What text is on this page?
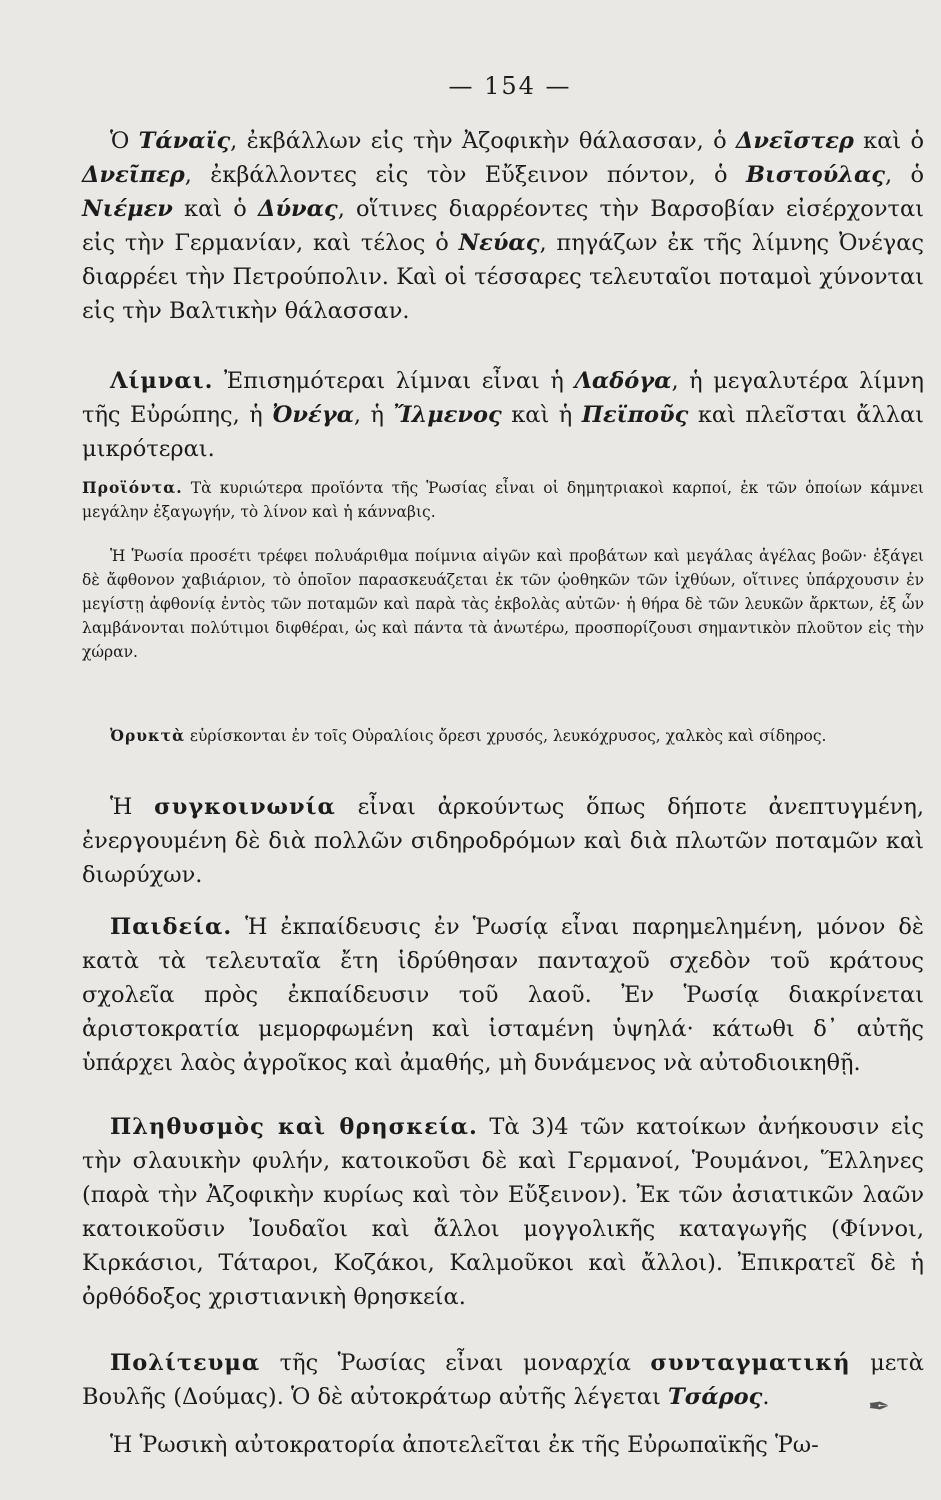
— 154 —

Ὁ Τάναϊς, ἐκβάλλων εἰς τὴν Ἀζοφικὴν θάλασσαν, ὁ Δνεῖστερ καὶ ὁ Δνεῖπερ, ἐκβάλλοντες εἰς τὸν Εὔξεινον πόντον, ὁ Βιστούλας, ὁ Νιέμεν καὶ ὁ Δύνας, οἵτινες διαρρέοντες τὴν Βαρσοβίαν εἰσέρχονται εἰς τὴν Γερμανίαν, καὶ τέλος ὁ Νεύας, πηγάζων ἐκ τῆς λίμνης Ὀνέγας διαρρέει τὴν Πετρούπολιν. Καὶ οἱ τέσσαρες τελευταῖοι ποταμοὶ χύνονται εἰς τὴν Βαλτικὴν θάλασσαν.

Λίμναι. Ἐπισημότεραι λίμναι εἶναι ἡ Λαδόγα, ἡ μεγαλυτέρα λίμνη τῆς Εὐρώπης, ἡ Ὀνέγα, ἡ Ἴλμενος καὶ ἡ Πεϊποῦς καὶ πλεῖσται ἄλλαι μικρότεραι.

Προϊόντα. Τὰ κυριώτερα προϊόντα τῆς Ῥωσίας εἶναι οἱ δημητριακοὶ καρποί, ἐκ τῶν ὁποίων κάμνει μεγάλην ἐξαγωγήν, τὸ λίνον καὶ ἡ κάνναβις.

Ἡ Ῥωσία προσέτι τρέφει πολυάριθμα ποίμνια αἰγῶν καὶ προβάτων καὶ μεγάλας ἀγέλας βοῶν· ἐξάγει δὲ ἄφθονον χαβιάριον, τὸ ὁποῖον παρασκευάζεται ἐκ τῶν ᾠοθηκῶν τῶν ἰχθύων, οἵτινες ὑπάρχουσιν ἐν μεγίστῃ ἀφθονίᾳ ἐντὸς τῶν ποταμῶν καὶ παρὰ τὰς ἐκβολὰς αὐτῶν· ἡ θήρα δὲ τῶν λευκῶν ἄρκτων, ἐξ ὧν λαμβάνονται πολύτιμοι διφθέραι, ὡς καὶ πάντα τὰ ἀνωτέρω, προσπορίζουσι σημαντικὸν πλοῦτον εἰς τὴν χώραν.

Ὀρυκτὰ εὑρίσκονται ἐν τοῖς Οὐραλίοις ὄρεσι χρυσός, λευκόχρυσος, χαλκὸς καὶ σίδηρος.

Ἡ συγκοινωνία εἶναι ἀρκούντως ὅπως δήποτε ἀνεπτυγμένη, ἐνεργουμένη δὲ διὰ πολλῶν σιδηροδρόμων καὶ διὰ πλωτῶν ποταμῶν καὶ διωρύχων.

Παιδεία. Ἡ ἐκπαίδευσις ἐν Ῥωσίᾳ εἶναι παρημελημένη, μόνον δὲ κατὰ τὰ τελευταῖα ἔτη ἱδρύθησαν πανταχοῦ σχεδὸν τοῦ κράτους σχολεῖα πρὸς ἐκπαίδευσιν τοῦ λαοῦ. Ἐν Ῥωσίᾳ διακρίνεται ἀριστοκρατία μεμορφωμένη καὶ ἱσταμένη ὑψηλά· κάτωθι δ᾽ αὐτῆς ὑπάρχει λαὸς ἀγροῖκος καὶ ἀμαθής, μὴ δυνάμενος νὰ αὐτοδιοικηθῇ.

Πληθυσμὸς καὶ θρησκεία. Τὰ 3)4 τῶν κατοίκων ἀνήκουσιν εἰς τὴν σλαυικὴν φυλήν, κατοικοῦσι δὲ καὶ Γερμανοί, Ῥουμάνοι, Ἕλληνες (παρὰ τὴν Ἀζοφικὴν κυρίως καὶ τὸν Εὔξεινον). Ἐκ τῶν ἀσιατικῶν λαῶν κατοικοῦσιν Ἰουδαῖοι καὶ ἄλλοι μογγολικῆς καταγωγῆς (Φίννοι, Κιρκάσιοι, Τάταροι, Κοζάκοι, Καλμοῦκοι καὶ ἄλλοι). Ἐπικρατεῖ δὲ ἡ ὀρθόδοξος χριστιανικὴ θρησκεία.

Πολίτευμα τῆς Ῥωσίας εἶναι μοναρχία συνταγματική μετὰ Βουλῆς (Δούμας). Ὁ δὲ αὐτοκράτωρ αὐτῆς λέγεται Τσάρος.

Ἡ Ῥωσικὴ αὐτοκρατορία ἀποτελεῖται ἐκ τῆς Εὐρωπαϊκῆς Ῥω-

✒
